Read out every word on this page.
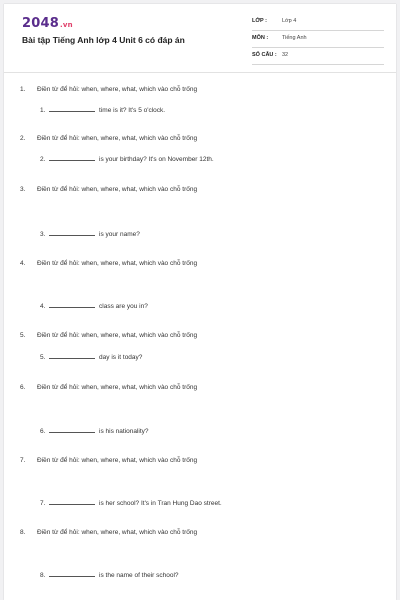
2048.vn
Bài tập Tiếng Anh lớp 4 Unit 6 có đáp án
LỚP :	Lớp 4
MÔN :	Tiếng Anh
SỐ CÂU : 32
1. Điền từ để hỏi: when, where, what, which vào chỗ trống
1.	time is it? It's 5 o'clock.
2. Điền từ để hỏi: when, where, what, which vào chỗ trống
2.	is your birthday? It's on November 12th.
3. Điền từ để hỏi: when, where, what, which vào chỗ trống
3.	is your name?
4. Điền từ để hỏi: when, where, what, which vào chỗ trống
4.	class are you in?
5. Điền từ để hỏi: when, where, what, which vào chỗ trống
5.	day is it today?
6. Điền từ để hỏi: when, where, what, which vào chỗ trống
6.	is his nationality?
7. Điền từ để hỏi: when, where, what, which vào chỗ trống
7.	is her school? It's in Tran Hung Dao street.
8. Điền từ để hỏi: when, where, what, which vào chỗ trống
8.	is the name of their school?
